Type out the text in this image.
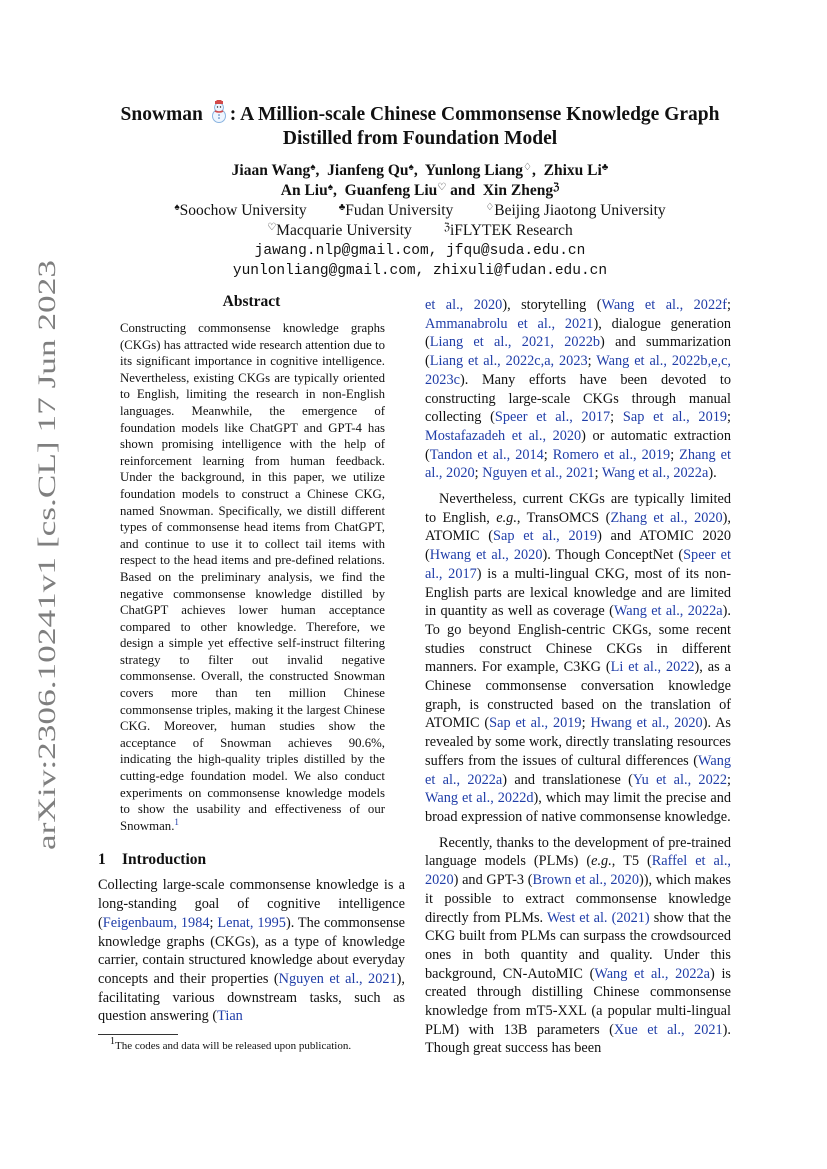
arXiv:2306.10241v1 [cs.CL] 17 Jun 2023
Snowman : A Million-scale Chinese Commonsense Knowledge Graph
Distilled from Foundation Model
Jiaan Wang♠, Jianfeng Qu♠, Yunlong Liang♢, Zhixu Li♣
An Liu♠, Guanfeng Liu♡ and Xin Zheng$^ℨ$
♠Soochow University	♣Fudan University	♢Beijing Jiaotong University
♡Macquarie University	$^ℨ$iFLYTEK Research
jawang.nlp@gmail.com, jfqu@suda.edu.cn
yunlonliang@gmail.com, zhixuli@fudan.edu.cn
Abstract
Constructing commonsense knowledge graphs (CKGs) has attracted wide research attention due to its significant importance in cognitive intelligence. Nevertheless, existing CKGs are typically oriented to English, limiting the research in non-English languages. Meanwhile, the emergence of foundation models like ChatGPT and GPT-4 has shown promising intelligence with the help of reinforcement learning from human feedback. Under the background, in this paper, we utilize foundation models to construct a Chinese CKG, named Snowman. Specifically, we distill different types of commonsense head items from ChatGPT, and continue to use it to collect tail items with respect to the head items and pre-defined relations. Based on the preliminary analysis, we find the negative commonsense knowledge distilled by ChatGPT achieves lower human acceptance compared to other knowledge. Therefore, we design a simple yet effective self-instruct filtering strategy to filter out invalid negative commonsense. Overall, the constructed Snowman covers more than ten million Chinese commonsense triples, making it the largest Chinese CKG. Moreover, human studies show the acceptance of Snowman achieves 90.6%, indicating the high-quality triples distilled by the cutting-edge foundation model. We also conduct experiments on commonsense knowledge models to show the usability and effectiveness of our Snowman.$^1$
1 Introduction

Collecting large-scale commonsense knowledge is a long-standing goal of cognitive intelligence (Feigenbaum, 1984; Lenat, 1995). The commonsense knowledge graphs (CKGs), as a type of knowledge carrier, contain structured knowledge about everyday concepts and their properties (Nguyen et al., 2021), facilitating various downstream tasks, such as question answering (Tian

$^1$The codes and data will be released upon publication.

et al., 2020), storytelling (Wang et al., 2022f; Ammanabrolu et al., 2021), dialogue generation (Liang et al., 2021, 2022b) and summarization (Liang et al., 2022c,a, 2023; Wang et al., 2022b,e,c, 2023c). Many efforts have been devoted to constructing large-scale CKGs through manual collecting (Speer et al., 2017; Sap et al., 2019; Mostafazadeh et al., 2020) or automatic extraction (Tandon et al., 2014; Romero et al., 2019; Zhang et al., 2020; Nguyen et al., 2021; Wang et al., 2022a).

Nevertheless, current CKGs are typically limited to English, e.g., TransOMCS (Zhang et al., 2020), ATOMIC (Sap et al., 2019) and ATOMIC 2020 (Hwang et al., 2020). Though ConceptNet (Speer et al., 2017) is a multi-lingual CKG, most of its non-English parts are lexical knowledge and are limited in quantity as well as coverage (Wang et al., 2022a). To go beyond English-centric CKGs, some recent studies construct Chinese CKGs in different manners. For example, C3KG (Li et al., 2022), as a Chinese commonsense conversation knowledge graph, is constructed based on the translation of ATOMIC (Sap et al., 2019; Hwang et al., 2020). As revealed by some work, directly translating resources suffers from the issues of cultural differences (Wang et al., 2022a) and translationese (Yu et al., 2022; Wang et al., 2022d), which may limit the precise and broad expression of native commonsense knowledge.

Recently, thanks to the development of pre-trained language models (PLMs) (e.g., T5 (Raffel et al., 2020) and GPT-3 (Brown et al., 2020)), which makes it possible to extract commonsense knowledge directly from PLMs. West et al. (2021) show that the CKG built from PLMs can surpass the crowdsourced ones in both quantity and quality. Under this background, CN-AutoMIC (Wang et al., 2022a) is created through distilling Chinese commonsense knowledge from mT5-XXL (a popular multi-lingual PLM) with 13B parameters (Xue et al., 2021). Though great success has been
